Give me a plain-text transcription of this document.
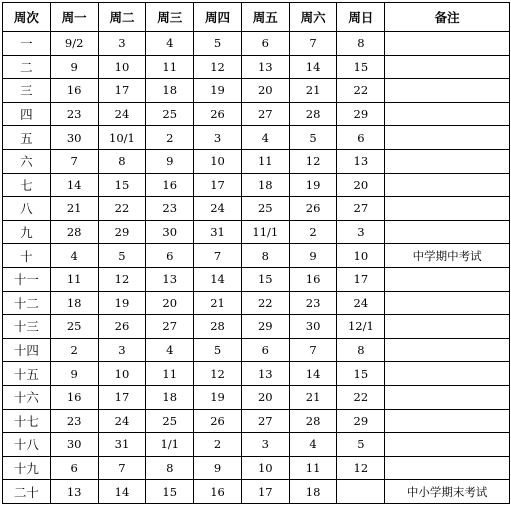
周次	周一	周二	周三	周四	周五	周六	周日	备注
一	9/2	3	4	5	6	7	8	
二	9	10	11	12	13	14	15	
三	16	17	18	19	20	21	22	
四	23	24	25	26	27	28	29	
五	30	10/1	2	3	4	5	6	
六	7	8	9	10	11	12	13	
七	14	15	16	17	18	19	20	
八	21	22	23	24	25	26	27	
九	28	29	30	31	11/1	2	3	
十	4	5	6	7	8	9	10	中学期中考试
十一	11	12	13	14	15	16	17	
十二	18	19	20	21	22	23	24	
十三	25	26	27	28	29	30	12/1	
十四	2	3	4	5	6	7	8	
十五	9	10	11	12	13	14	15	
十六	16	17	18	19	20	21	22	
十七	23	24	25	26	27	28	29	
十八	30	31	1/1	2	3	4	5	
十九	6	7	8	9	10	11	12	
二十	13	14	15	16	17	18		中小学期末考试
